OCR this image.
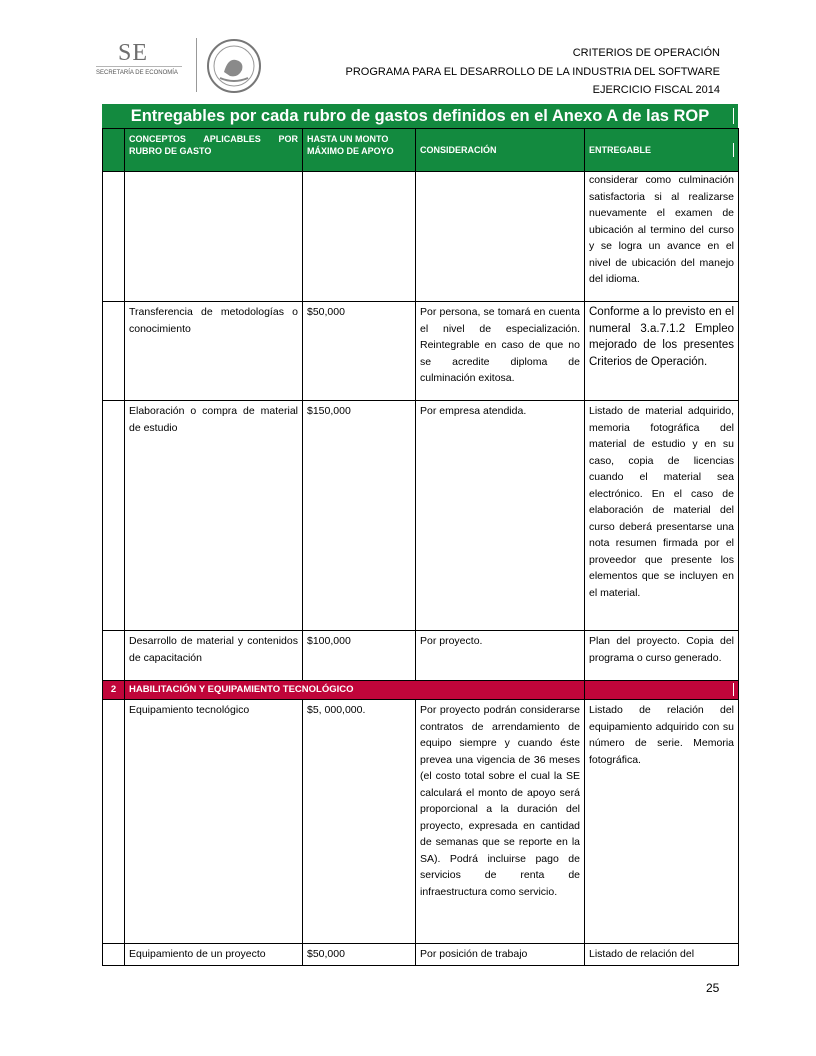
SE
SECRETARÍA DE ECONOMÍA
CRITERIOS DE OPERACIÓN
PROGRAMA PARA EL DESARROLLO DE LA INDUSTRIA DEL SOFTWARE
EJERCICIO FISCAL 2014
Entregables por cada rubro de gastos definidos en el Anexo A de las ROP

	CONCEPTOS APLICABLES POR RUBRO DE GASTO	HASTA UN MONTO MÁXIMO DE APOYO	CONSIDERACIÓN	ENTREGABLE

				considerar como culminación satisfactoria si al realizarse nuevamente el examen de ubicación al termino del curso y se logra un avance en el nivel de ubicación del manejo del idioma.
	Transferencia de metodologías o conocimiento	$50,000	Por persona, se tomará en cuenta el nivel de especialización. Reintegrable en caso de que no se acredite diploma de culminación exitosa.	Conforme a lo previsto en el numeral 3.a.7.1.2 Empleo mejorado de los presentes Criterios de Operación.
	Elaboración o compra de material de estudio	$150,000	Por empresa atendida.	Listado de material adquirido, memoria fotográfica del material de estudio y en su caso, copia de licencias cuando el material sea electrónico. En el caso de elaboración de material del curso deberá presentarse una nota resumen firmada por el proveedor que presente los elementos que se incluyen en el material.
	Desarrollo de material y contenidos de capacitación	$100,000	Por proyecto.	Plan del proyecto. Copia del programa o curso generado.
2	HABILITACIÓN Y EQUIPAMIENTO TECNOLÓGICO			

	Equipamiento tecnológico	$5, 000,000.	Por proyecto podrán considerarse contratos de arrendamiento de equipo siempre y cuando éste prevea una vigencia de 36 meses (el costo total sobre el cual la SE calculará el monto de apoyo será proporcional a la duración del proyecto, expresada en cantidad de semanas que se reporte en la SA). Podrá incluirse pago de servicios de renta de infraestructura como servicio.	Listado de relación del equipamiento adquirido con su número de serie. Memoria fotográfica.
	Equipamiento de un proyecto	$50,000	Por posición de trabajo	Listado de relación del
25
